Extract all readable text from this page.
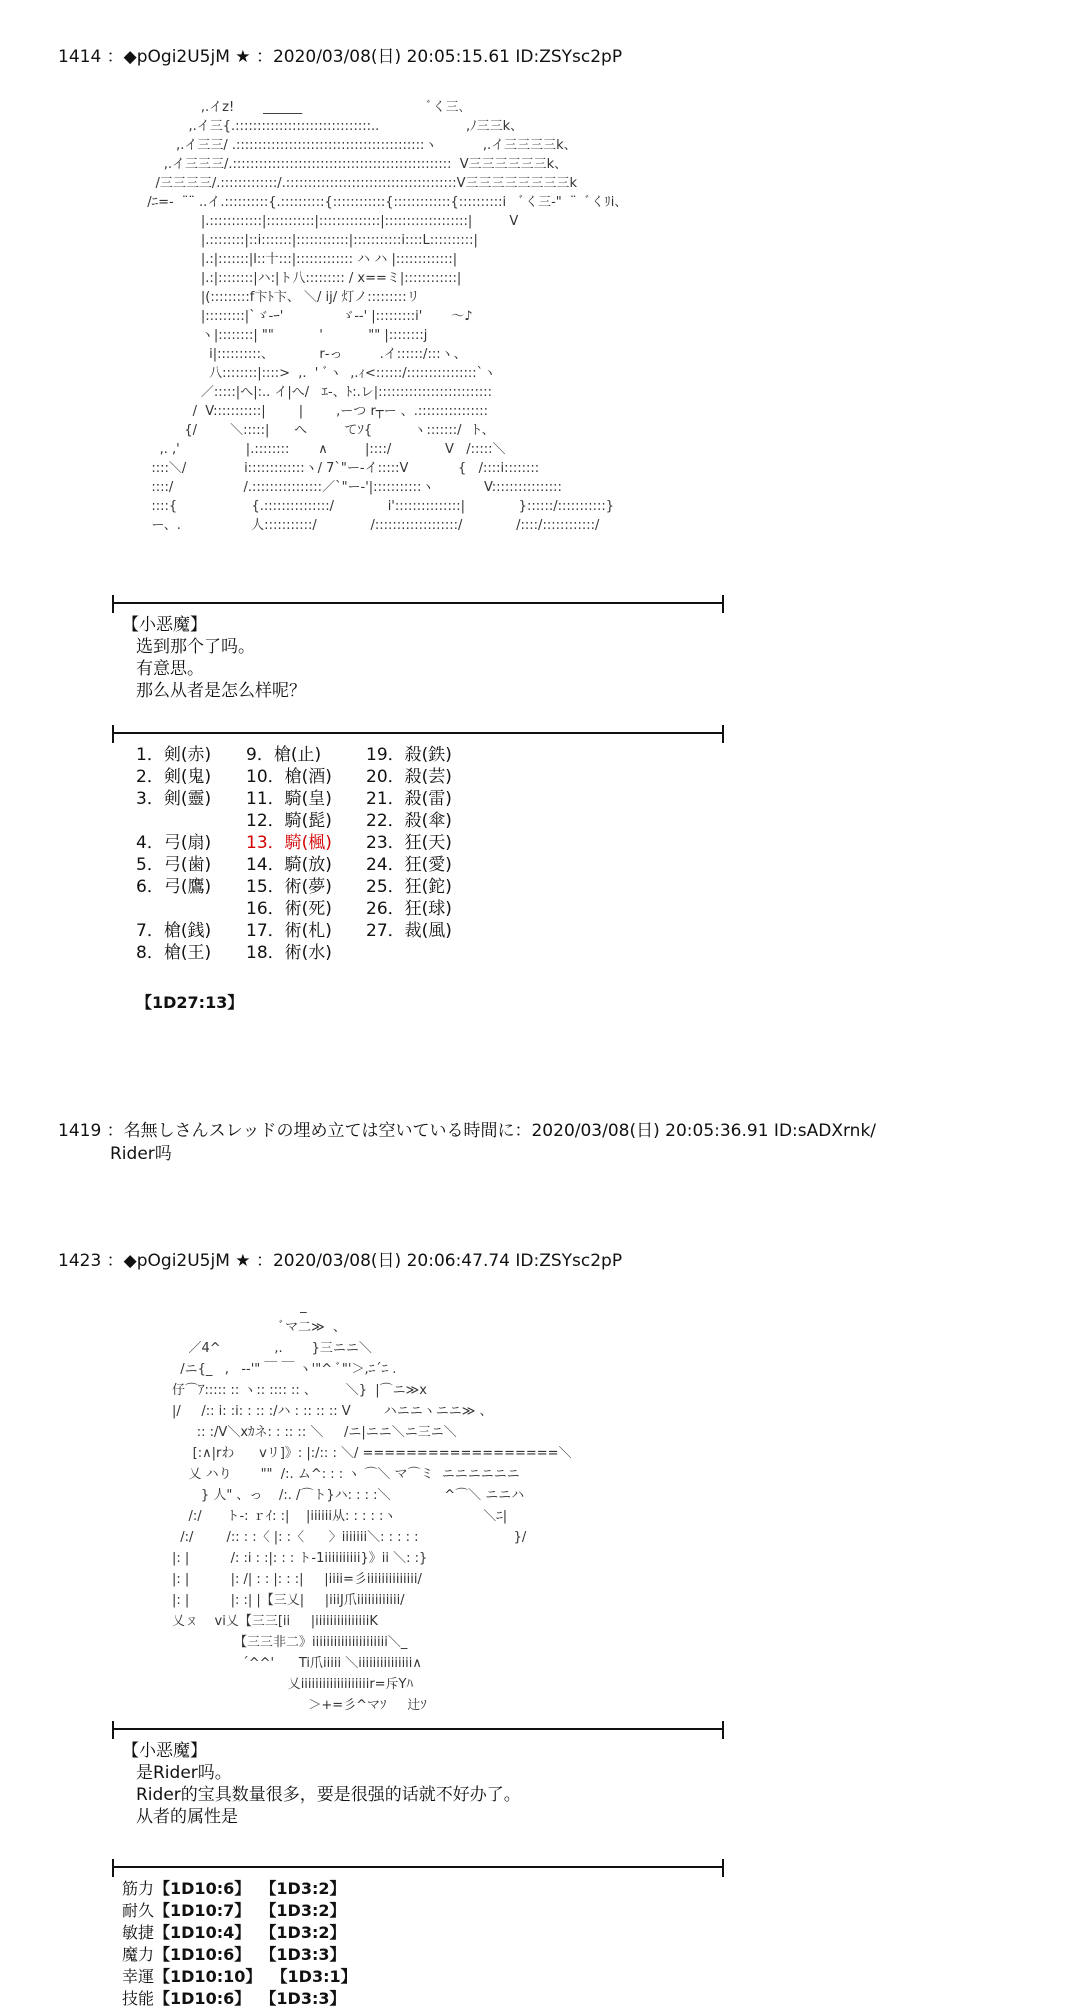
1414 ：◆pOgi2U5jM ★ ：2020/03/08(日) 20:05:15.61 ID:ZSYsc2pP
,.イz!       ______                              ﾞく三､
,.イ三{.:::::::::::::::::::::::::::::::..                     ,ﾉ三三k、
,.イ三三/ .:::::::::::::::::::::::::::::::::::::::::::ヽ           ,.イ三三三三k、
,.イ三三三/.::::::::::::::::::::::::::::::::::::::::::::::::::  V三三三三三三k、
/三三三三/.:::::::::::::/.:::::::::::::::::::::::::::::::::::::::V三三三三三三三三k
/ﾆ=-  ¨¨ ..イ.::::::::::{.::::::::::{::::::::::::{:::::::::::::{::::::::::i   ﾞく三-"  ¨  ﾞくﾘi、
|.::::::::::::|:::::::::::|::::::::::::::|:::::::::::::::::::|         V
|.::::::::|::i:::::::|::::::::::::|:::::::::::i::::L::::::::::|
|.:|:::::::|l::十:::|::::::::::::: ハ ハ |:::::::::::::|
|.:|::::::::|ハ:|ト八::::::::: / x==ミ|::::::::::::|
|(:::::::::f卞ﾄ卞、 ＼/ ij/ 灯ノ:::::::::リ
|:::::::::|`ゞ-ｰ'              ゞ-‐' |:::::::::i'       ～♪
ヽ|::::::::| ""           '           "" |::::::::j
i|::::::::::、           r‐っ         .イ::::::/:::ヽ、
八::::::::|::::>  ,.  ' ﾞヽ  ,.ｨ<::::::/::::::::::::::::`ヽ
／:::::|へ|:.. イ|へ/   ｴ‐、ﾄ:.レ|::::::::::::::::::::::::::
/  V:::::::::::|        |        ,ーつ r┬ー 、.::::::::::::::::
{/        ＼:::::|      へ         てｿ{          ヽ:::::::/  ト、
,. ,'                |.::::::::       ∧         |::::/             V   /:::::＼
::::＼/              i:::::::::::::ヽ/ 7`"ー-イ:::::V            {   /::::i::::::::
::::/                 /.::::::::::::::::／`"ー‐'|:::::::::::ヽ            V::::::::::::::::
::::{                  {.:::::::::::::::/             i':::::::::::::::|             }::::::/:::::::::::}
ー、.                 人:::::::::::/             /:::::::::::::::::::/             /::::/::::::::::::/
【小恶魔】
选到那个了吗。
有意思。
那么从者是怎么样呢？
1．剣(赤)
2．剣(鬼)
3．剣(靈)
4．弓(扇)
5．弓(歯)
6．弓(鷹)
7．槍(銭)
8．槍(王)
9．槍(止)
10．槍(酒)
11．騎(皇)
12．騎(髭)
13．騎(楓)
14．騎(放)
15．術(夢)
16．術(死)
17．術(札)
18．術(水)
19．殺(鉄)
20．殺(芸)
21．殺(雷)
22．殺(傘)
23．狂(天)
24．狂(愛)
25．狂(鉈)
26．狂(球)
27．裁(風)
【1D27:13】
1419 ：名無しさんスレッドの埋め立ては空いている時間に：2020/03/08(日) 20:05:36.91 ID:sADXrnk/
Rider吗
1423 ：◆pOgi2U5jM ★ ：2020/03/08(日) 20:06:47.74 ID:ZSYsc2pP
_
ﾞマ二≫  、
／4^             ,.       }三ニニ＼
/ニ{_   ,   -‐'" ￣ ￣ ヽ'"^ ﾞ"'＞,ﾆ´ﾆ .
仔⌒ｱ::::: :: ヽ:: :::: :: 、       ＼}  |⌒ニ≫x
|/     /:: i: :i: : :: :/ハ : :: :: :: V        ハニニヽニニ≫ 、
:: :/V＼xｶネ: : :: :: ＼     /ニ|ニニ＼ニ三ニ＼
[:∧|rわ      vリ]》: |:/:: : ＼/ ==================＼
乂 ハり       ""  /:. ム^: : : ヽ ⌒＼ マ⌒ミ  ニニニニニニ
} 人" 、っ    /:. /⌒ト}ハ: : : :＼             ^⌒＼ ニニハ
/:/      ト-: ｒｲ: :|    |iiiiii从: : : : :ヽ                     ＼ﾆ|
/:/        /:: : :〈 |: :〈      〉iiiiiii＼: : : : :                       }/
|: |          /: :i : :|: : : ト-1iiiiiiiiii}》ii ＼: :}
|: |          |: /| : : |: : :|     |iiii=彡iiiiiiiiiiiiii/
|: |          |: :| |【三乂|     |iiiJ爪iiiiiiiiiiii/
乂ㄡ    vi乂【三三[ii     |iiiiiiiiiiiiiiiK
【三三非二》iiiiiiiiiiiiiiiiiiiii＼_
´^^'      Ti爪iiiii ＼iiiiiiiiiiiiiii∧
乂iiiiiiiiiiiiiiiiiiir=斥Yﾊ
＞+=彡^マｿ     辻ｿ
【小恶魔】
是Rider吗。
Rider的宝具数量很多，要是很强的话就不好办了。
从者的属性是
筋力【1D10:6】 【1D3:2】
耐久【1D10:7】 【1D3:2】
敏捷【1D10:4】 【1D3:2】
魔力【1D10:6】 【1D3:3】
幸運【1D10:10】 【1D3:1】
技能【1D10:6】 【1D3:3】
